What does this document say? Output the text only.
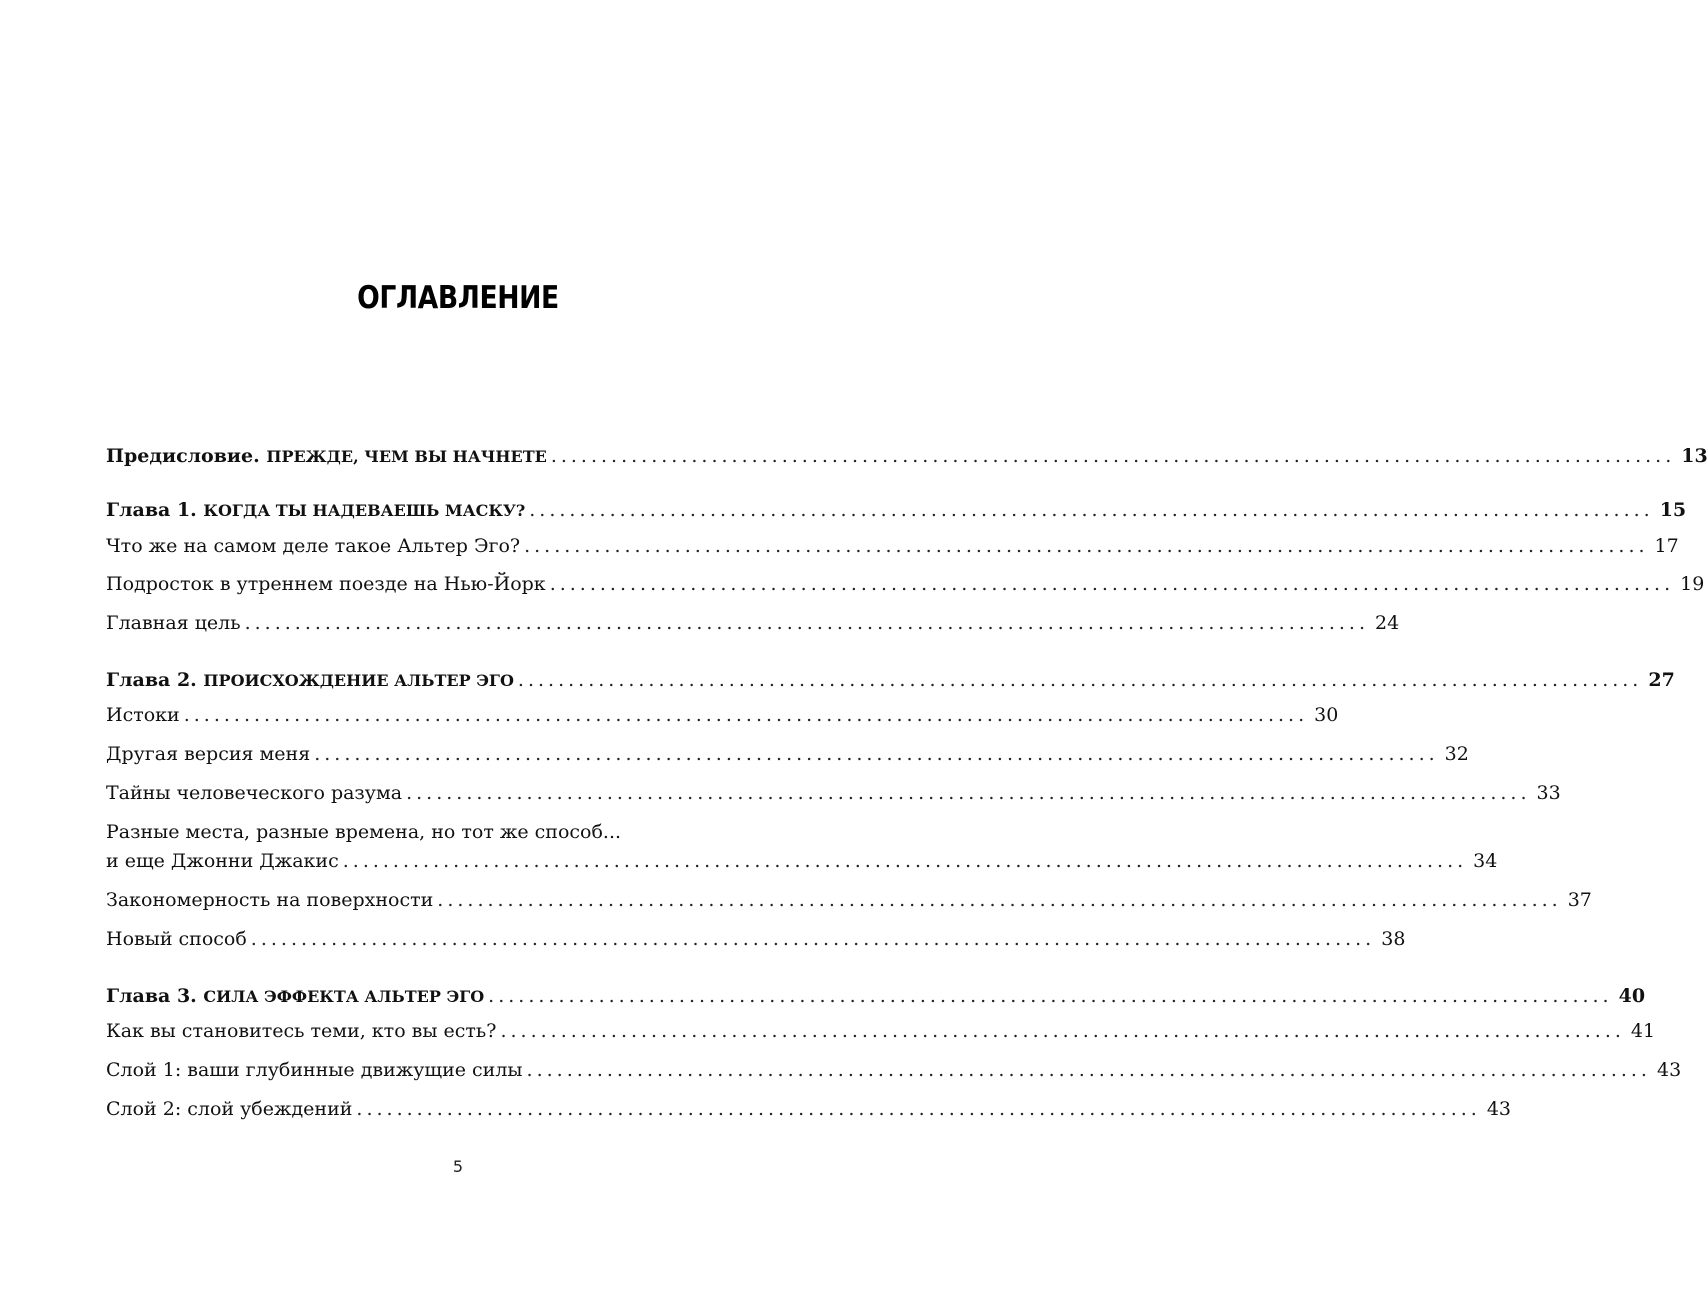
ОГЛАВЛЕНИЕ
Предисловие. ПРЕЖДЕ, ЧЕМ ВЫ НАЧНЕТЕ ................................................................................................................ 13
Глава 1. КОГДА ТЫ НАДЕВАЕШЬ МАСКУ? ................................................................................................................ 15
Что же на самом деле такое Альтер Эго? ................................................................................................................ 17
Подросток в утреннем поезде на Нью-Йорк ................................................................................................................ 19
Главная цель ................................................................................................................ 24
Глава 2. ПРОИСХОЖДЕНИЕ АЛЬТЕР ЭГО ................................................................................................................ 27
Истоки ................................................................................................................ 30
Другая версия меня ................................................................................................................ 32
Тайны человеческого разума ................................................................................................................ 33
Разные места, разные времена, но тот же способ...
и еще Джонни Джакис ................................................................................................................ 34
Закономерность на поверхности ................................................................................................................ 37
Новый способ ................................................................................................................ 38
Глава 3. СИЛА ЭФФЕКТА АЛЬТЕР ЭГО ................................................................................................................ 40
Как вы становитесь теми, кто вы есть? ................................................................................................................ 41
Слой 1: ваши глубинные движущие силы ................................................................................................................ 43
Слой 2: слой убеждений ................................................................................................................ 43
5
